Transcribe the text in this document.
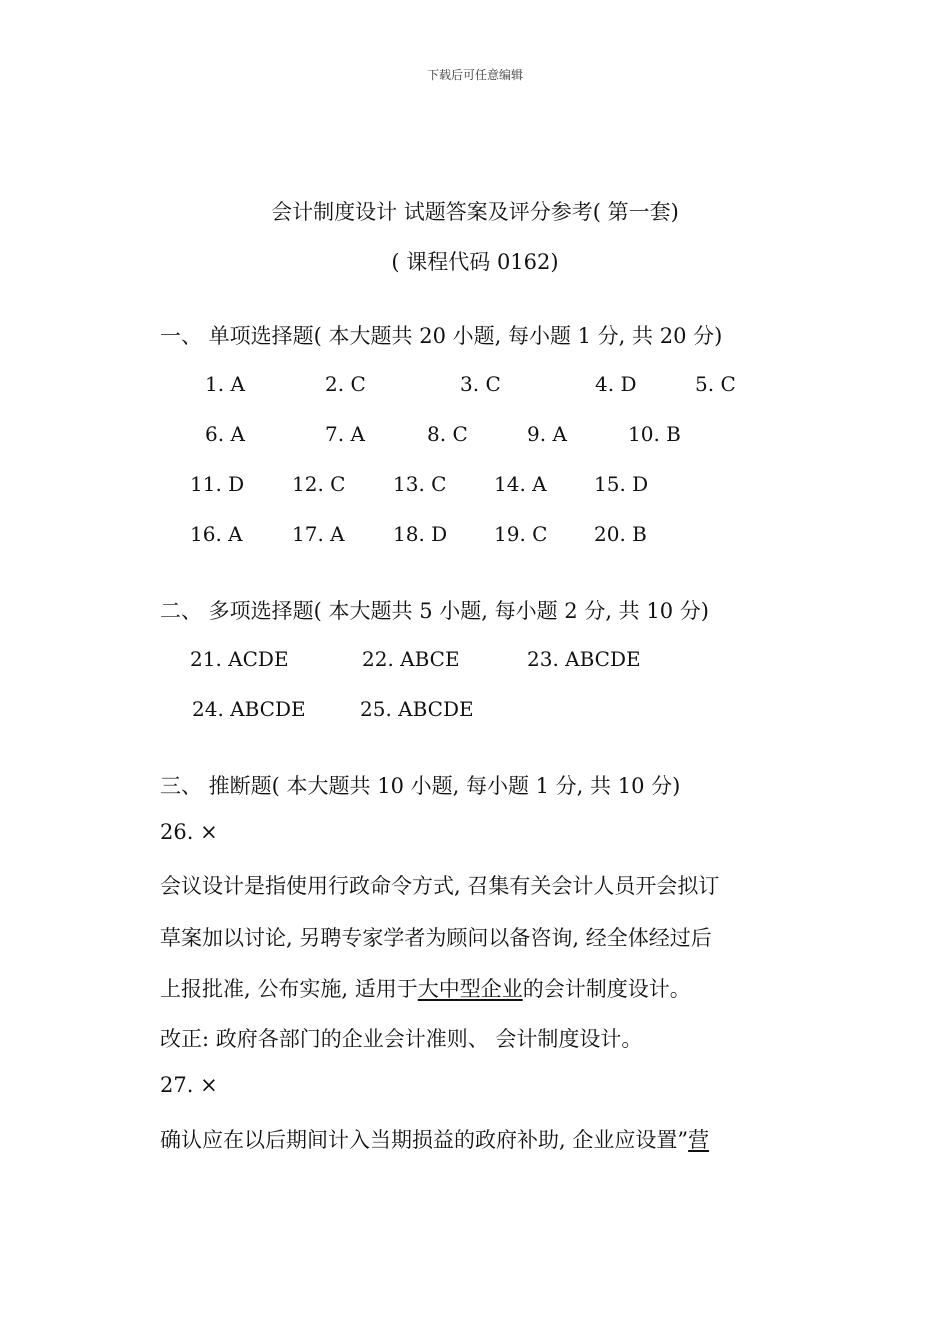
下载后可任意编辑
会计制度设计 试题答案及评分参考( 第一套)
( 课程代码 0162)
一、 单项选择题( 本大题共 20 小题, 每小题 1 分, 共 20 分)
1. A	2. C	3. C	4. D	5. C
6. A	7. A	8. C	9. A	10. B
11. D 12. C 13. C 14. A 15. D
16. A 17. A 18. D 19. C 20. B
二、 多项选择题( 本大题共 5 小题, 每小题 2 分, 共 10 分)
21. ACDE	22. ABCE	23. ABCDE
24. ABCDE	25. ABCDE
三、 推断题( 本大题共 10 小题, 每小题 1 分, 共 10 分)
26. ×
会议设计是指使用行政命令方式, 召集有关会计人员开会拟订
草案加以讨论, 另聘专家学者为顾问以备咨询, 经全体经过后
上报批准, 公布实施, 适用于大中型企业的会计制度设计。
改正: 政府各部门的企业会计准则、 会计制度设计。
27. ×
确认应在以后期间计入当期损益的政府补助, 企业应设置”营
